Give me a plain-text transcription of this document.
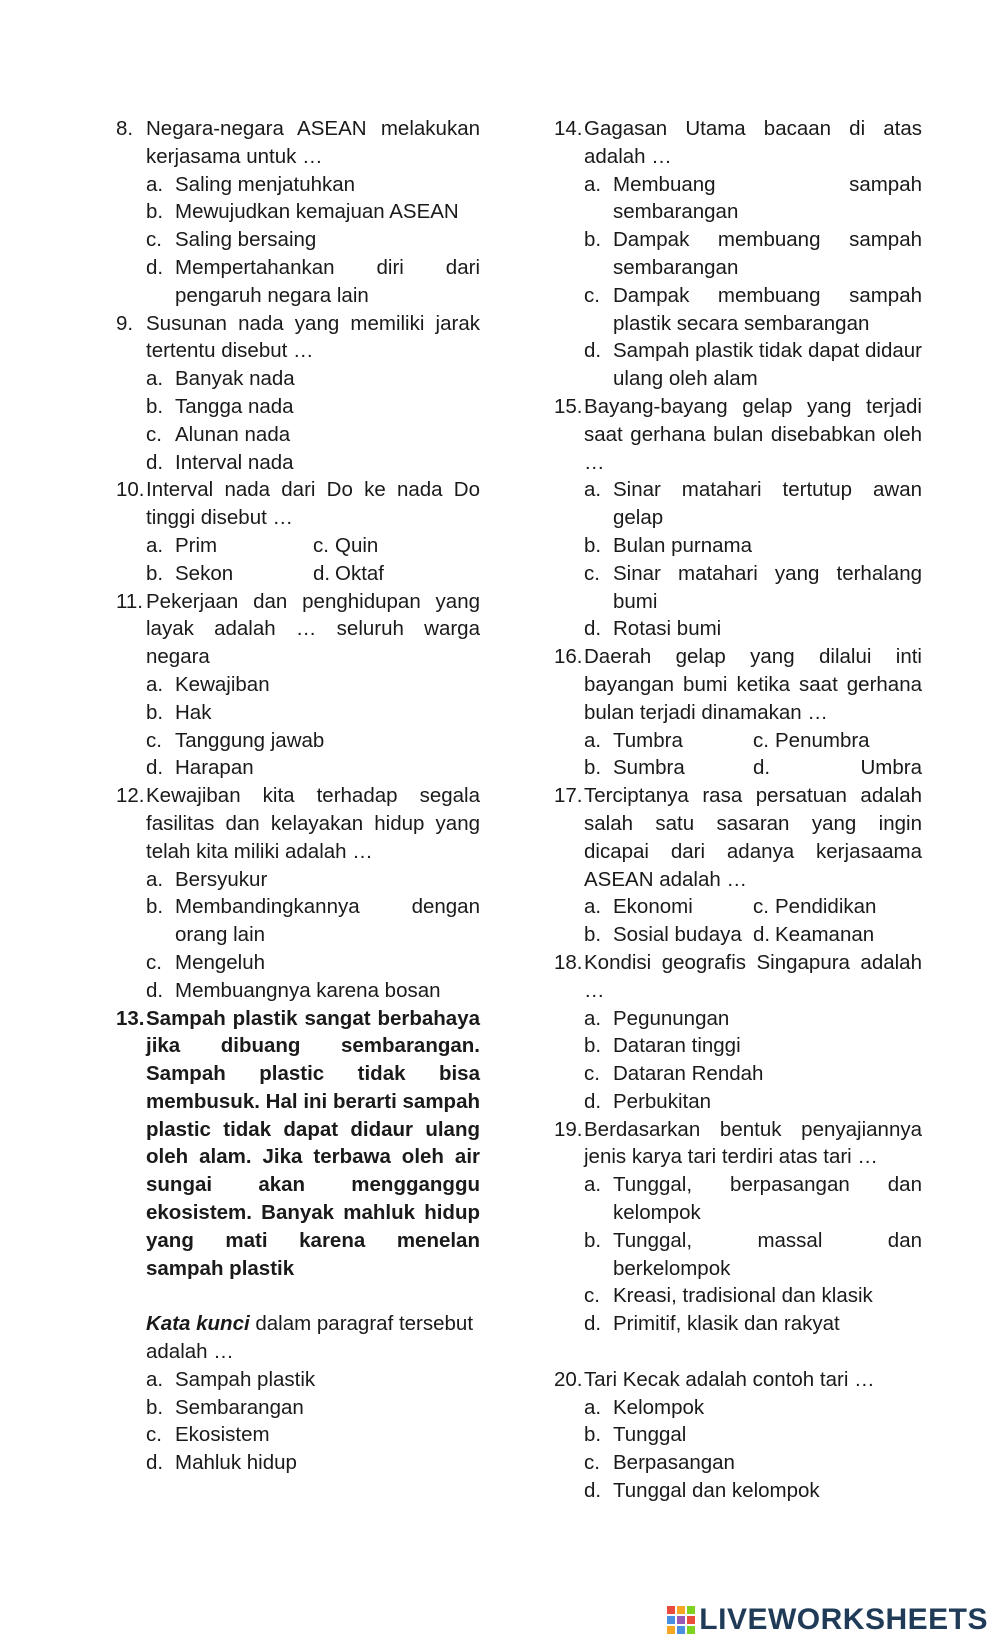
8. Negara-negara ASEAN melakukan kerjasama untuk …
a. Saling menjatuhkan
b. Mewujudkan kemajuan ASEAN
c. Saling bersaing
d. Mempertahankan diri dari pengaruh negara lain
9. Susunan nada yang memiliki jarak tertentu disebut …
a. Banyak nada
b. Tangga nada
c. Alunan nada
d. Interval nada
10. Interval nada dari Do ke nada Do tinggi disebut …
a. Prim	c. Quin
b. Sekon	d. Oktaf
11. Pekerjaan dan penghidupan yang layak adalah … seluruh warga negara
a. Kewajiban
b. Hak
c. Tanggung jawab
d. Harapan
12. Kewajiban kita terhadap segala fasilitas dan kelayakan hidup yang telah kita miliki adalah …
a. Bersyukur
b. Membandingkannya dengan orang lain
c. Mengeluh
d. Membuangnya karena bosan
13. Sampah plastik sangat berbahaya jika dibuang sembarangan. Sampah plastic tidak bisa membusuk. Hal ini berarti sampah plastic tidak dapat didaur ulang oleh alam. Jika terbawa oleh air sungai akan mengganggu ekosistem. Banyak mahluk hidup yang mati karena menelan sampah plastik
Kata kunci dalam paragraf tersebut adalah …
a. Sampah plastik
b. Sembarangan
c. Ekosistem
d. Mahluk hidup
14. Gagasan Utama bacaan di atas adalah …
a. Membuang sampah sembarangan
b. Dampak membuang sampah sembarangan
c. Dampak membuang sampah plastik secara sembarangan
d. Sampah plastik tidak dapat didaur ulang oleh alam
15. Bayang-bayang gelap yang terjadi saat gerhana bulan disebabkan oleh …
a. Sinar matahari tertutup awan gelap
b. Bulan purnama
c. Sinar matahari yang terhalang bumi
d. Rotasi bumi
16. Daerah gelap yang dilalui inti bayangan bumi ketika saat gerhana bulan terjadi dinamakan …
a. Tumbra	c. Penumbra
b. Sumbra	d.	Umbra
17. Terciptanya rasa persatuan adalah salah satu sasaran yang ingin dicapai dari adanya kerjasaama ASEAN adalah …
a. Ekonomi	c. Pendidikan
b. Sosial budaya d. Keamanan
18. Kondisi geografis Singapura adalah …
a. Pegunungan
b. Dataran tinggi
c. Dataran Rendah
d. Perbukitan
19. Berdasarkan bentuk penyajiannya jenis karya tari terdiri atas tari …
a. Tunggal, berpasangan dan kelompok
b. Tunggal, massal dan berkelompok
c. Kreasi, tradisional dan klasik
d. Primitif, klasik dan rakyat
20. Tari Kecak adalah contoh tari …
a. Kelompok
b. Tunggal
c. Berpasangan
d. Tunggal dan kelompok
LIVEWORKSHEETS
